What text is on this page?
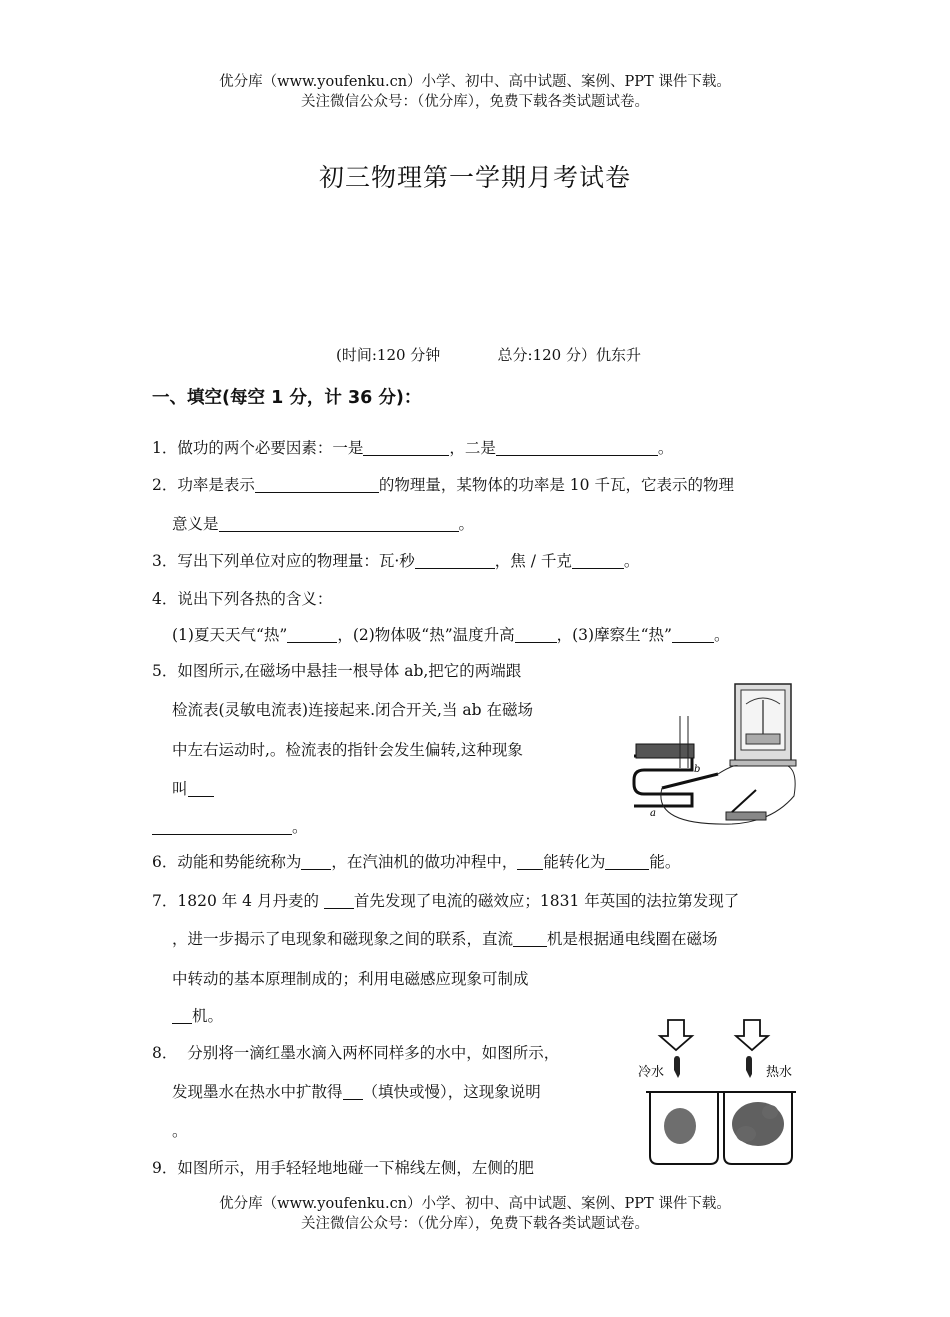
优分库（www.youfenku.cn）小学、初中、高中试题、案例、PPT 课件下载。
关注微信公众号：（优分库），免费下载各类试题试卷。
初三物理第一学期月考试卷
(时间:120 分钟            总分:120 分）仇东升
一、填空(每空 1 分，计 36 分)：
1．做功的两个必要因素：一是	，二是	。
2．功率是表示	的物理量，某物体的功率是 10 千瓦，它表示的物理
意义是	。
3．写出下列单位对应的物理量：瓦·秒	，焦 / 千克	。
4．说出下列各热的含义：
(1)夏天天气“热”	，(2)物体吸“热”温度升高	，(3)摩察生“热”	。
5．如图所示,在磁场中悬挂一根导体 ab,把它的两端跟
检流表(灵敏电流表)连接起来.闭合开关,当 ab 在磁场
中左右运动时,。检流表的指针会发生偏转,这种现象
叫
。
b
a
6．动能和势能统称为 ，在汽油机的做功冲程中， 能转化为	能。
7．1820 年 4 月丹麦的 首先发现了电流的磁效应；1831 年英国的法拉第发现了
，进一步揭示了电现象和磁现象之间的联系，直流 机是根据通电线圈在磁场
中转动的基本原理制成的；利用电磁感应现象可制成
机。
8．  分别将一滴红墨水滴入两杯同样多的水中，如图所示，
发现墨水在热水中扩散得 （填快或慢），这现象说明
。
冷水	热水
9．如图所示，用手轻轻地地碰一下棉线左侧，左侧的肥
优分库（www.youfenku.cn）小学、初中、高中试题、案例、PPT 课件下载。
关注微信公众号：（优分库），免费下载各类试题试卷。
